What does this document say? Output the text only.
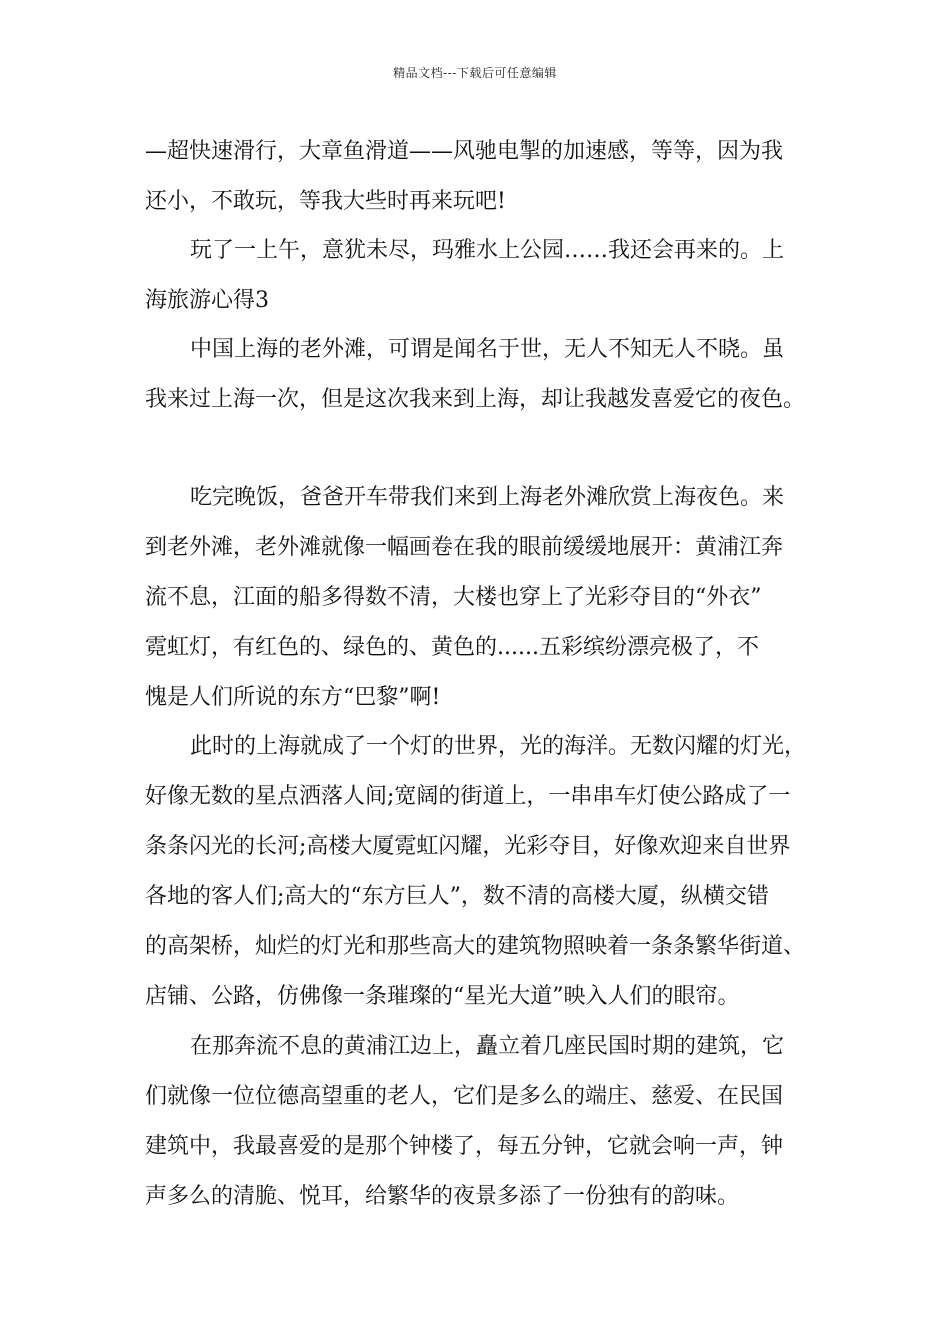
精品文档---下载后可任意编辑
—超快速滑行，大章鱼滑道——风驰电掣的加速感，等等，因为我
还小，不敢玩，等我大些时再来玩吧!
玩了一上午，意犹未尽，玛雅水上公园……我还会再来的。上
海旅游心得3
中国上海的老外滩，可谓是闻名于世，无人不知无人不晓。虽
我来过上海一次，但是这次我来到上海，却让我越发喜爱它的夜色。
吃完晚饭，爸爸开车带我们来到上海老外滩欣赏上海夜色。来
到老外滩，老外滩就像一幅画卷在我的眼前缓缓地展开：黄浦江奔
流不息，江面的船多得数不清，大楼也穿上了光彩夺目的“外衣”
霓虹灯，有红色的、绿色的、黄色的......五彩缤纷漂亮极了，不
愧是人们所说的东方“巴黎”啊!
此时的上海就成了一个灯的世界，光的海洋。无数闪耀的灯光，
好像无数的星点洒落人间;宽阔的街道上，一串串车灯使公路成了一
条条闪光的长河;高楼大厦霓虹闪耀，光彩夺目，好像欢迎来自世界
各地的客人们;高大的“东方巨人”，数不清的高楼大厦，纵横交错
的高架桥，灿烂的灯光和那些高大的建筑物照映着一条条繁华街道、
店铺、公路，仿佛像一条璀璨的“星光大道”映入人们的眼帘。
在那奔流不息的黄浦江边上，矗立着几座民国时期的建筑，它
们就像一位位德高望重的老人，它们是多么的端庄、慈爱、在民国
建筑中，我最喜爱的是那个钟楼了，每五分钟，它就会响一声，钟
声多么的清脆、悦耳，给繁华的夜景多添了一份独有的韵味。
